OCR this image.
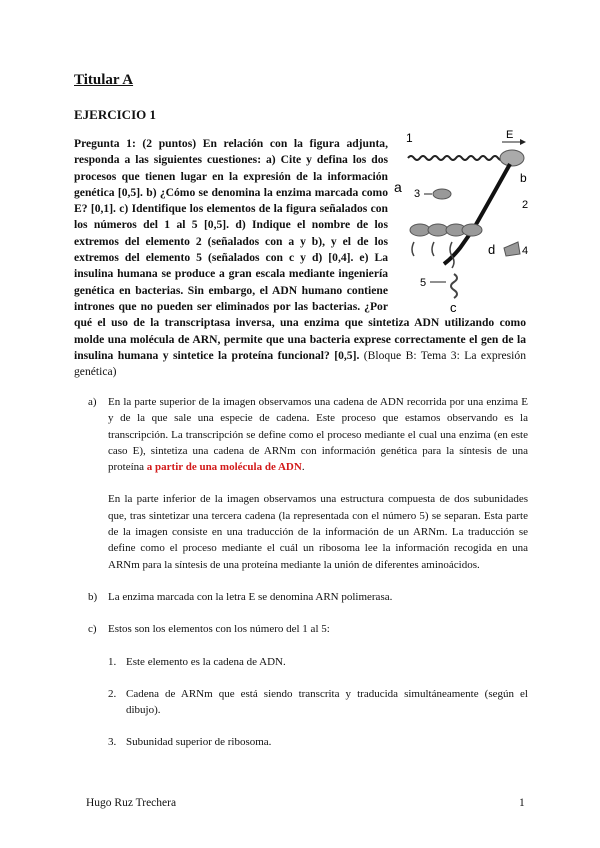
Titular A
EJERCICIO 1
1	E
3
b
a
2
d 4
5
c
Pregunta 1: (2 puntos) En relación con la figura adjunta, responda a las siguientes cuestiones: a) Cite y defina los dos procesos que tienen lugar en la expresión de la información genética [0,5]. b) ¿Cómo se denomina la enzima marcada como E? [0,1]. c) Identifique los elementos de la figura señalados con los números del 1 al 5 [0,5]. d) Indique el nombre de los extremos del elemento 2 (señalados con a y b), y el de los extremos del elemento 5 (señalados con c y d) [0,4]. e) La insulina humana se produce a gran escala mediante ingeniería genética en bacterias. Sin embargo, el ADN humano contiene intrones que no pueden ser eliminados por las bacterias. ¿Por qué el uso de la transcriptasa inversa, una enzima que sintetiza ADN utilizando como molde una molécula de ARN, permite que una bacteria exprese correctamente el gen de la insulina humana y sintetice la proteína funcional? [0,5]. (Bloque B: Tema 3: La expresión genética)
a) En la parte superior de la imagen observamos una cadena de ADN recorrida por una enzima E y de la que sale una especie de cadena. Este proceso que estamos observando es la transcripción. La transcripción se define como el proceso mediante el cual una enzima (en este caso E), sintetiza una cadena de ARNm con información genética para la síntesis de una proteína a partir de una molécula de ADN.

En la parte inferior de la imagen observamos una estructura compuesta de dos subunidades que, tras sintetizar una tercera cadena (la representada con el número 5) se separan. Esta parte de la imagen consiste en una traducción de la información de un ARNm. La traducción se define como el proceso mediante el cuál un ribosoma lee la información recogida en una ARNm para la síntesis de una proteína mediante la unión de diferentes aminoácidos.

b) La enzima marcada con la letra E se denomina ARN polimerasa.

c) Estos son los elementos con los número del 1 al 5:

1. Este elemento es la cadena de ADN.
2. Cadena de ARNm que está siendo transcrita y traducida simultáneamente (según el dibujo).
3. Subunidad superior de ribosoma.
Hugo Ruz Trechera	1
